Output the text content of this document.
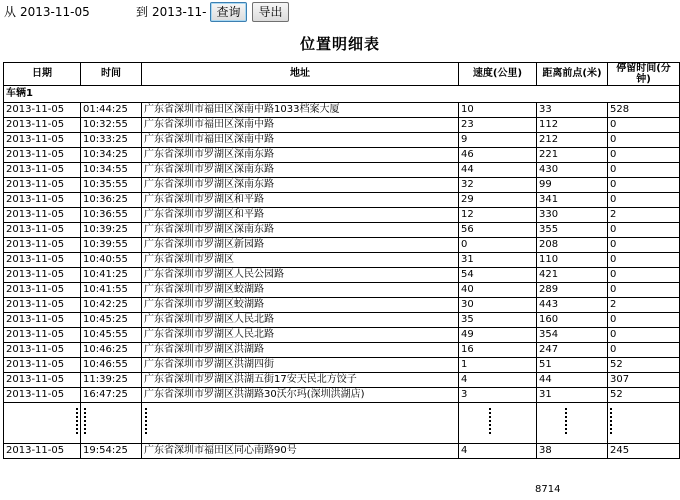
从
2013-11-05	到
2013-11-05	查询	导出
位置明细表
日期	时间	地址	速度(公里)	距离前点(米)	停留时间(分钟)
车辆1					
2013-11-05	01:44:25	广东省深圳市福田区深南中路1033档案大厦	10	33	528
2013-11-05	10:32:55	广东省深圳市福田区深南中路	23	112	0
2013-11-05	10:33:25	广东省深圳市福田区深南中路	9	212	0
2013-11-05	10:34:25	广东省深圳市罗湖区深南东路	46	221	0
2013-11-05	10:34:55	广东省深圳市罗湖区深南东路	44	430	0
2013-11-05	10:35:55	广东省深圳市罗湖区深南东路	32	99	0
2013-11-05	10:36:25	广东省深圳市罗湖区和平路	29	341	0
2013-11-05	10:36:55	广东省深圳市罗湖区和平路	12	330	2
2013-11-05	10:39:25	广东省深圳市罗湖区深南东路	56	355	0
2013-11-05	10:39:55	广东省深圳市罗湖区新园路	0	208	0
2013-11-05	10:40:55	广东省深圳市罗湖区	31	110	0
2013-11-05	10:41:25	广东省深圳市罗湖区人民公园路	54	421	0
2013-11-05	10:41:55	广东省深圳市罗湖区蛟湖路	40	289	0
2013-11-05	10:42:25	广东省深圳市罗湖区蛟湖路	30	443	2
2013-11-05	10:45:25	广东省深圳市罗湖区人民北路	35	160	0
2013-11-05	10:45:55	广东省深圳市罗湖区人民北路	49	354	0
2013-11-05	10:46:25	广东省深圳市罗湖区洪湖路	16	247	0
2013-11-05	10:46:55	广东省深圳市罗湖区洪湖四街	1	51	52
2013-11-05	11:39:25	广东省深圳市罗湖区洪湖五街17安天民北方饺子	4	44	307
2013-11-05	16:47:25	广东省深圳市罗湖区洪湖路30沃尔玛(深圳洪湖店)	3	31	52

2013-11-05	19:54:25	广东省深圳市福田区同心南路90号	4	38	245
8714
